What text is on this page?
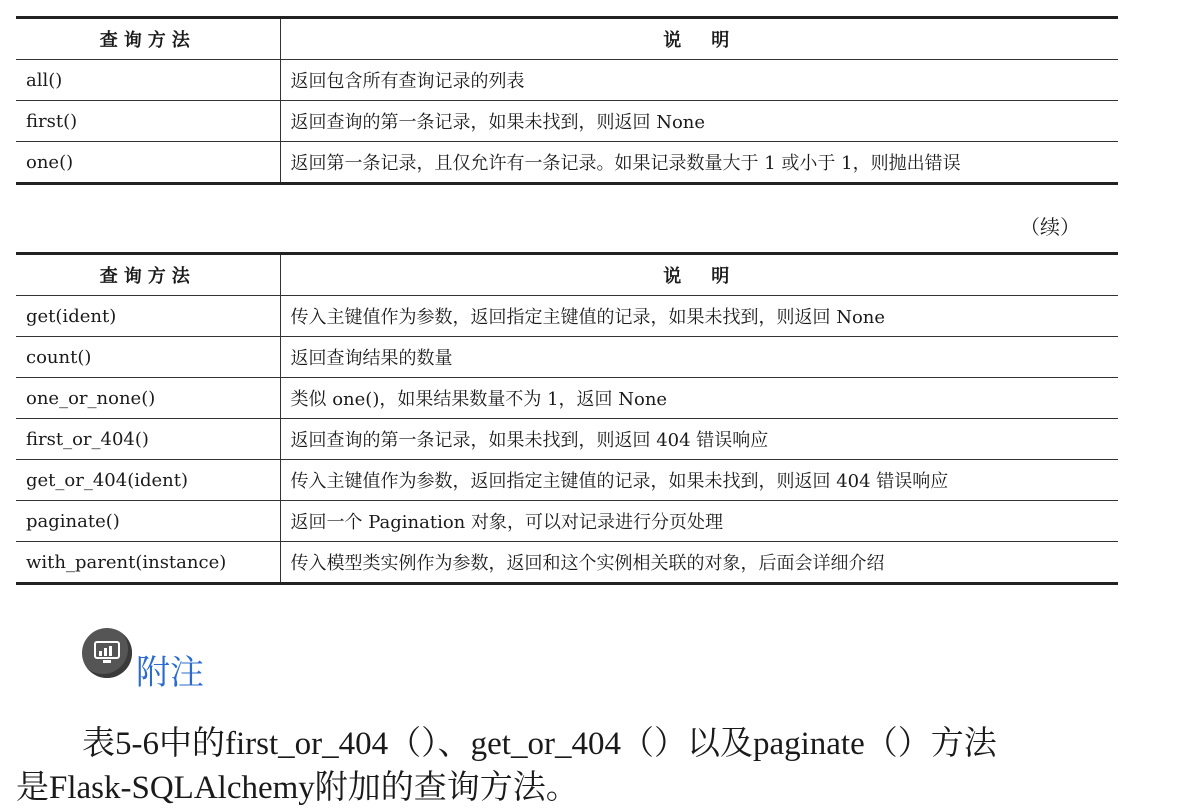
查询方法	说　明
all()	返回包含所有查询记录的列表
first()	返回查询的第一条记录，如果未找到，则返回 None
one()	返回第一条记录，且仅允许有一条记录。如果记录数量大于 1 或小于 1，则抛出错误
（续）
查询方法	说　明
get(ident)	传入主键值作为参数，返回指定主键值的记录，如果未找到，则返回 None
count()	返回查询结果的数量
one_or_none()	类似 one()，如果结果数量不为 1，返回 None
first_or_404()	返回查询的第一条记录，如果未找到，则返回 404 错误响应
get_or_404(ident)	传入主键值作为参数，返回指定主键值的记录，如果未找到，则返回 404 错误响应
paginate()	返回一个 Pagination 对象，可以对记录进行分页处理
with_parent(instance)	传入模型类实例作为参数，返回和这个实例相关联的对象，后面会详细介绍
附注
表5-6中的first_or_404（）、get_or_404（）以及paginate（）方法
是Flask-SQLAlchemy附加的查询方法。
